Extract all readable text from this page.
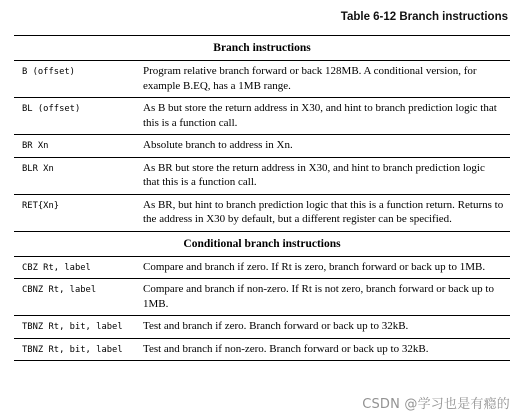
Table 6-12 Branch instructions
Branch instructions	
B (offset)	Program relative branch forward or back 128MB. A conditional version, for example B.EQ, has a 1MB range.
BL (offset)	As B but store the return address in X30, and hint to branch prediction logic that this is a function call.
BR Xn	Absolute branch to address in Xn.
BLR Xn	As BR but store the return address in X30, and hint to branch prediction logic that this is a function call.
RET{Xn}	As BR, but hint to branch prediction logic that this is a function return. Returns to the address in X30 by default, but a different register can be specified.
Conditional branch instructions	
CBZ Rt, label	Compare and branch if zero. If Rt is zero, branch forward or back up to 1MB.
CBNZ Rt, label	Compare and branch if non-zero. If Rt is not zero, branch forward or back up to 1MB.
TBNZ Rt, bit, label	Test and branch if zero. Branch forward or back up to 32kB.
TBNZ Rt, bit, label	Test and branch if non-zero. Branch forward or back up to 32kB.
CSDN @学习也是有瘾的
